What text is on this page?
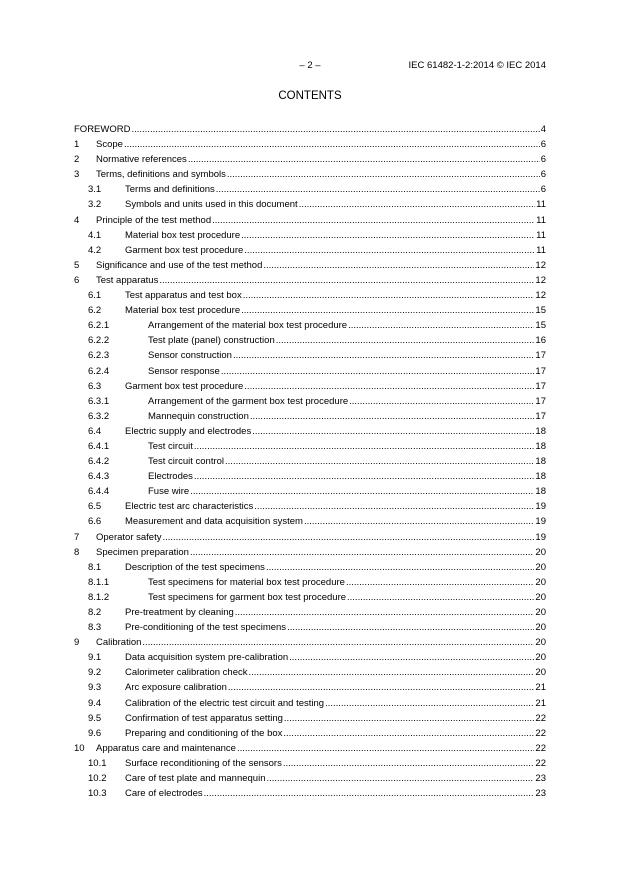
– 2 –	IEC 61482-1-2:2014 © IEC 2014
CONTENTS
FOREWORD .....	4
1	Scope .....	6
2	Normative references .....	6
3	Terms, definitions and symbols .....	6
3.1	Terms and definitions .....	6
3.2	Symbols and units used in this document .....	11
4	Principle of the test method .....	11
4.1	Material box test procedure .....	11
4.2	Garment box test procedure .....	11
5	Significance and use of the test method .....	12
6	Test apparatus .....	12
6.1	Test apparatus and test box .....	12
6.2	Material box test procedure .....	15
6.2.1	Arrangement of the material box test procedure .....	15
6.2.2	Test plate (panel) construction .....	16
6.2.3	Sensor construction .....	17
6.2.4	Sensor response .....	17
6.3	Garment box test procedure .....	17
6.3.1	Arrangement of the garment box test procedure .....	17
6.3.2	Mannequin construction .....	17
6.4	Electric supply and electrodes .....	18
6.4.1	Test circuit .....	18
6.4.2	Test circuit control .....	18
6.4.3	Electrodes .....	18
6.4.4	Fuse wire .....	18
6.5	Electric test arc characteristics .....	19
6.6	Measurement and data acquisition system .....	19
7	Operator safety .....	19
8	Specimen preparation .....	20
8.1	Description of the test specimens .....	20
8.1.1	Test specimens for material box test procedure .....	20
8.1.2	Test specimens for garment box test procedure .....	20
8.2	Pre-treatment by cleaning .....	20
8.3	Pre-conditioning of the test specimens .....	20
9	Calibration .....	20
9.1	Data acquisition system pre-calibration .....	20
9.2	Calorimeter calibration check .....	20
9.3	Arc exposure calibration .....	21
9.4	Calibration of the electric test circuit and testing .....	21
9.5	Confirmation of test apparatus setting .....	22
9.6	Preparing and conditioning of the box .....	22
10	Apparatus care and maintenance .....	22
10.1	Surface reconditioning of the sensors .....	22
10.2	Care of test plate and mannequin .....	23
10.3	Care of electrodes .....	23
